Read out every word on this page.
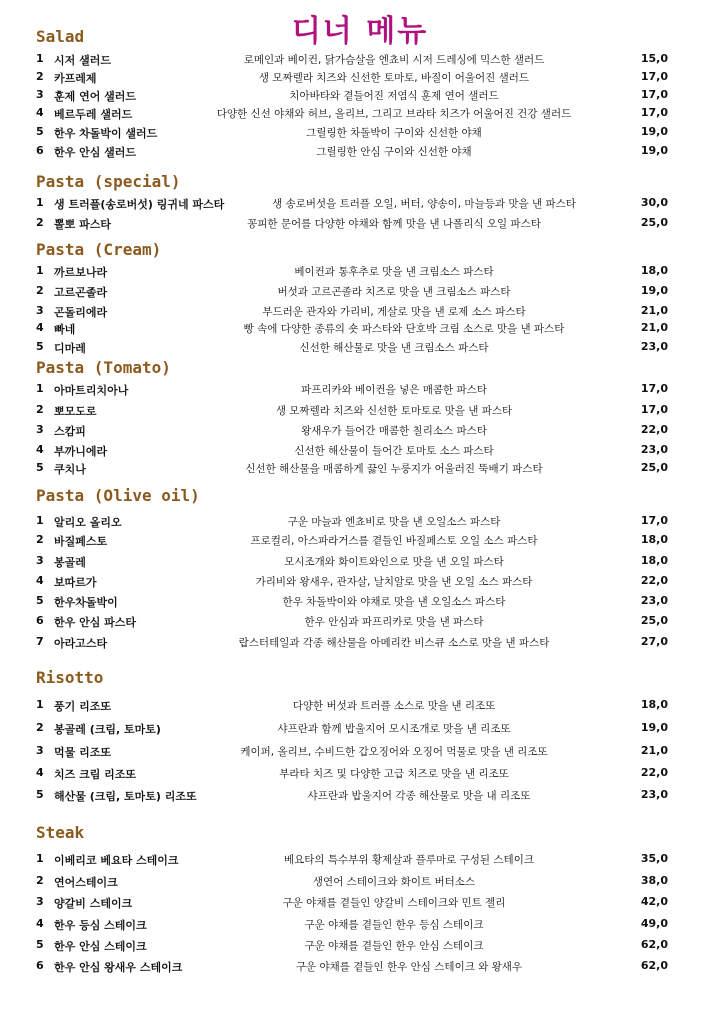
디너 메뉴
Salad
1 시저 샐러드	로메인과 베이컨, 닭가슴살을 엔쵸비 시저 드레싱에 믹스한 샐러드	15,0
2 카프레제	생 모짜렐라 치즈와 신선한 토마토, 바질이 어울어진 샐러드	17,0
3 훈제 연어 샐러드	치아바타와 곁들어진 저염식 훈제 연어 샐러드	17,0
4 베르두레 샐러드	다양한 신선 야채와 허브, 올리브, 그리고 브라타 치즈가 어울어진 건강 샐러드	17,0
5 한우 차돌박이 샐러드	그릴링한 차돌박이 구이와 신선한 야채	19,0
6 한우 안심 샐러드	그릴링한 안심 구이와 신선한 야채	19,0
Pasta (special)
1 생 트러플(송로버섯) 링귀네 파스타	생 송로버섯을 트러플 오일, 버터, 양송이, 마늘등과 맛을 낸 파스타	30,0
2 뽈뽀 파스타	꽁피한 문어를 다양한 야채와 함께 맛을 낸 나폴리식 오일 파스타	25,0
Pasta (Cream)
1 까르보나라	베이컨과 통후추로 맛을 낸 크림소스 파스타	18,0
2 고르곤졸라	버섯과 고르곤졸라 치즈로 맛을 낸 크림소스 파스타	19,0
3 곤돌리에라	부드러운 관자와 가리비, 게살로 맛을 낸 로제 소스 파스타	21,0
4 빠네	빵 속에 다양한 종류의 숏 파스타와 단호박 크림 소스로 맛을 낸 파스타	21,0
5 디마레	신선한 해산물로 맛을 낸 크림소스 파스타	23,0
Pasta (Tomato)
1 아마트리치아나	파프리카와 베이컨을 넣은 매콤한 파스타	17,0
2 뽀모도로	생 모짜렐라 치즈와 신선한 토마토로 맛을 낸 파스타	17,0
3 스캄피	왕새우가 들어간 매콤한 칠리소스 파스타	22,0
4 부까니에라	신선한 해산물이 들어간 토마토 소스 파스타	23,0
5 쿠치나	신선한 해산물을 매콤하게 끓인 누룽지가 어울러진 뚝배기 파스타	25,0
Pasta (Olive oil)
1 알리오 올리오	구운 마늘과 엔쵸비로 맛을 낸 오일소스 파스타	17,0
2 바질페스토	프로컬리, 아스파라거스를 곁들인 바질페스토 오일 소스 파스타	18,0
3 봉골레	모시조개와 화이트와인으로 맛을 낸 오일 파스타	18,0
4 보따르가	가리비와 왕새우, 관자살, 날치알로 맛을 낸 오일 소스 파스타	22,0
5 한우차돌박이	한우 차돌박이와 야채로 맛을 낸 오일소스 파스타	23,0
6 한우 안심 파스타	한우 안심과 파프리카로 맛을 낸 파스타	25,0
7 아라고스타	랍스터테일과 각종 해산물을 아메리칸 비스큐 소스로 맛을 낸 파스타	27,0
Risotto
1 풍기 리조또	다양한 버섯과 트러플 소스로 맛을 낸 리조또	18,0
2 봉골레 (크림, 토마토)	샤프란과 함께 밥울지어 모시조개로 맛을 낸 리조또	19,0
3 먹물 리조또	케이퍼, 올리브, 수비드한 갑오징어와 오징어 먹물로 맛을 낸 리조또	21,0
4 치즈 크림 리조또	부라타 치즈 및 다양한 고급 치즈로 맛을 낸 리조또	22,0
5 해산물 (크림, 토마토) 리조또	샤프란과 밥울지어 각종 해산물로 맛을 내 리조또	23,0
Steak
1 이베리코 베요타 스테이크	베요타의 특수부위 황제살과 플루마로 구성된 스테이크	35,0
2 연어스테이크	생연어 스테이크와 화이트 버터소스	38,0
3 양갈비 스테이크	구운 야채를 곁들인 양갈비 스테이크와 민트 젤리	42,0
4 한우 등심 스테이크	구운 야채를 곁들인 한우 등심 스테이크	49,0
5 한우 안심 스테이크	구운 야채를 곁들인 한우 안심 스테이크	62,0
6 한우 안심 왕새우 스테이크	구운 야채를 곁들인 한우 안심 스테이크 와 왕새우	62,0
